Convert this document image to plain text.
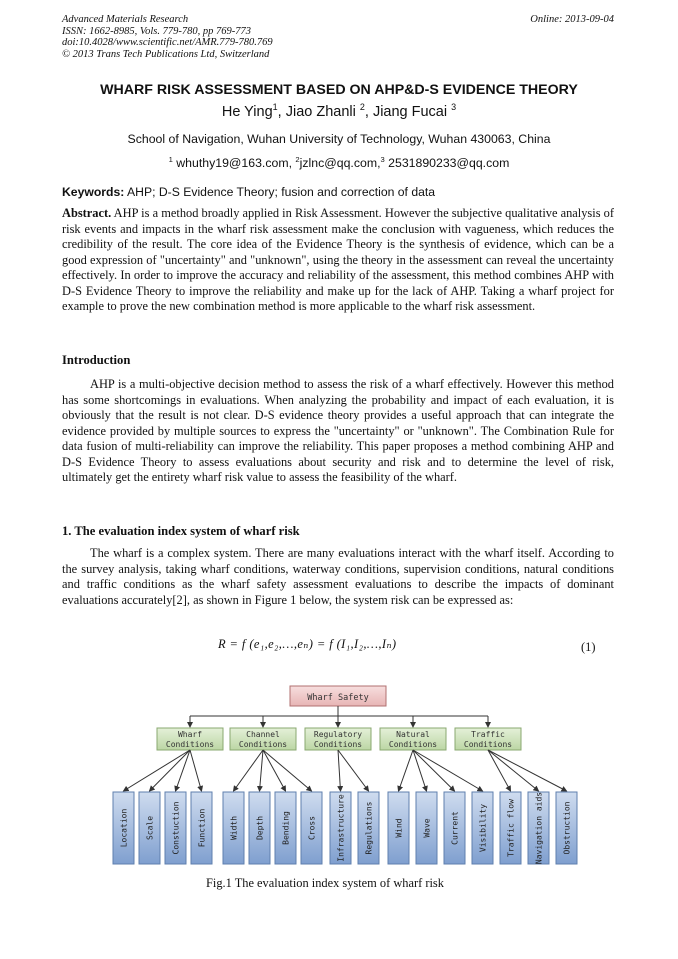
Advanced Materials Research
ISSN: 1662-8985, Vols. 779-780, pp 769-773
doi:10.4028/www.scientific.net/AMR.779-780.769
© 2013 Trans Tech Publications Ltd, Switzerland
Online: 2013-09-04
WHARF RISK ASSESSMENT BASED ON AHP&D-S EVIDENCE THEORY
He Ying$^1$, Jiao Zhanli $^2$, Jiang Fucai $^3$
School of Navigation, Wuhan University of Technology, Wuhan 430063, China
$^1$ whuthy19@163.com, $^2$jzlnc@qq.com,$^3$ 2531890233@qq.com
Keywords: AHP; D-S Evidence Theory; fusion and correction of data

Abstract. AHP is a method broadly applied in Risk Assessment. However the subjective qualitative analysis of risk events and impacts in the wharf risk assessment make the conclusion with vagueness, which reduces the credibility of the result. The core idea of the Evidence Theory is the synthesis of evidence, which can be a good expression of "uncertainty" and "unknown", using the theory in the assessment can reveal the uncertainty effectively. In order to improve the accuracy and reliability of the assessment, this method combines AHP with D-S Evidence Theory to improve the reliability and make up for the lack of AHP. Taking a wharf project for example to prove the new combination method is more applicable to the wharf risk assessment.

Introduction

AHP is a multi-objective decision method to assess the risk of a wharf effectively. However this method has some shortcomings in evaluations. When analyzing the probability and impact of each evaluation, it is obviously that the result is not clear. D-S evidence theory provides a useful approach that can integrate the evidence provided by multiple sources to express the "uncertainty" or "unknown". The Combination Rule for data fusion of multi-reliability can improve the reliability. This paper proposes a method combining AHP and D-S Evidence Theory to assess evaluations about security and risk and to determine the level of risk, ultimately get the entirety wharf risk value to assess the feasibility of the wharf.

1. The evaluation index system of wharf risk

The wharf is a complex system. There are many evaluations interact with the wharf itself. According to the survey analysis, taking wharf conditions, waterway conditions, supervision conditions, natural conditions and traffic conditions as the wharf safety assessment evaluations to describe the impacts of dominant evaluations accurately[2], as shown in Figure 1 below, the system risk can be expressed as:

R = f (e₁,e₂,…,eₙ) = f (I₁,I₂,…,Iₙ)	(1)
Wharf Safety
Wharf
Conditions
Channel
Conditions
Regulatory
Conditions
Natural
Conditions
Traffic
Conditions
Location Scale Constuction Function	Width Depth Bending Cross	Infrastructure Regulations	Wind Wave Current Visibility Traffic flow Navigation aids Obstruction
Fig.1 The evaluation index system of wharf risk
